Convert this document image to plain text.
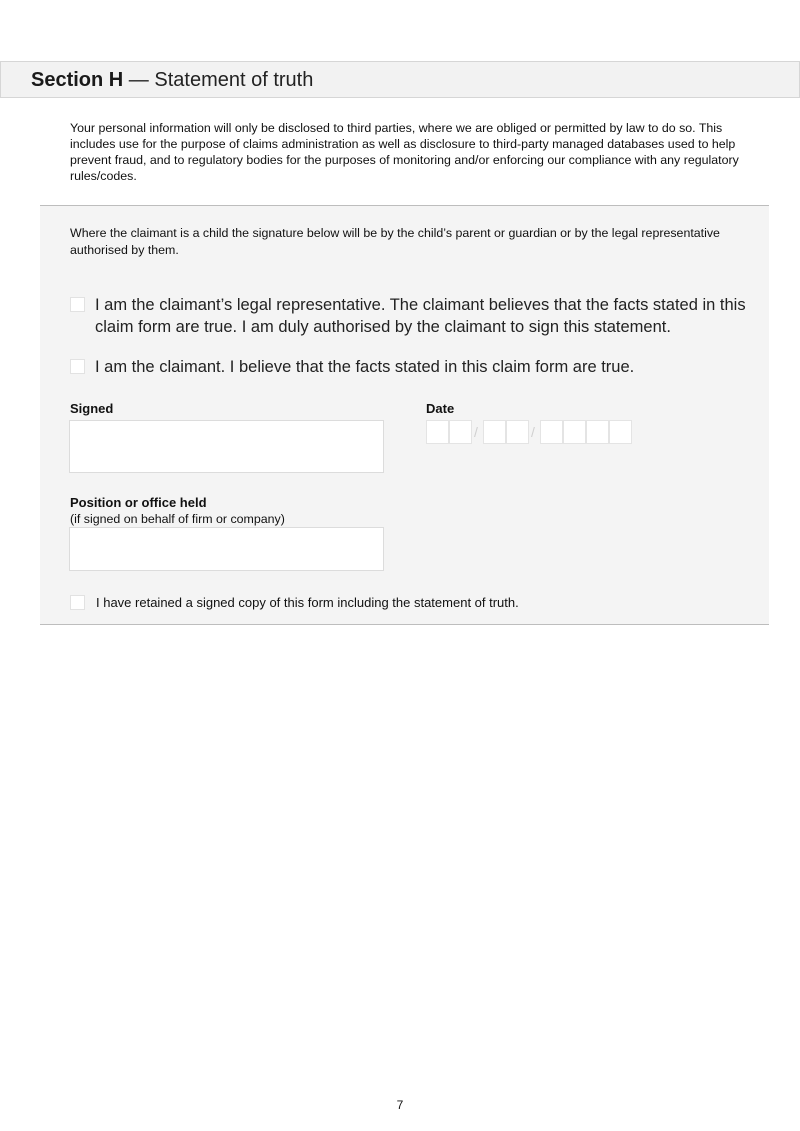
Section H — Statement of truth
Your personal information will only be disclosed to third parties, where we are obliged or permitted by law to do so. This includes use for the purpose of claims administration as well as disclosure to third-party managed databases used to help prevent fraud, and to regulatory bodies for the purposes of monitoring and/or enforcing our compliance with any regulatory rules/codes.
Where the claimant is a child the signature below will be by the child’s parent or guardian or by the legal representative authorised by them.
I am the claimant’s legal representative. The claimant believes that the facts stated in this claim form are true. I am duly authorised by the claimant to sign this statement.
I am the claimant. I believe that the facts stated in this claim form are true.
Signed	Date
/	/
Position or office held
(if signed on behalf of firm or company)
I have retained a signed copy of this form including the statement of truth.
7
